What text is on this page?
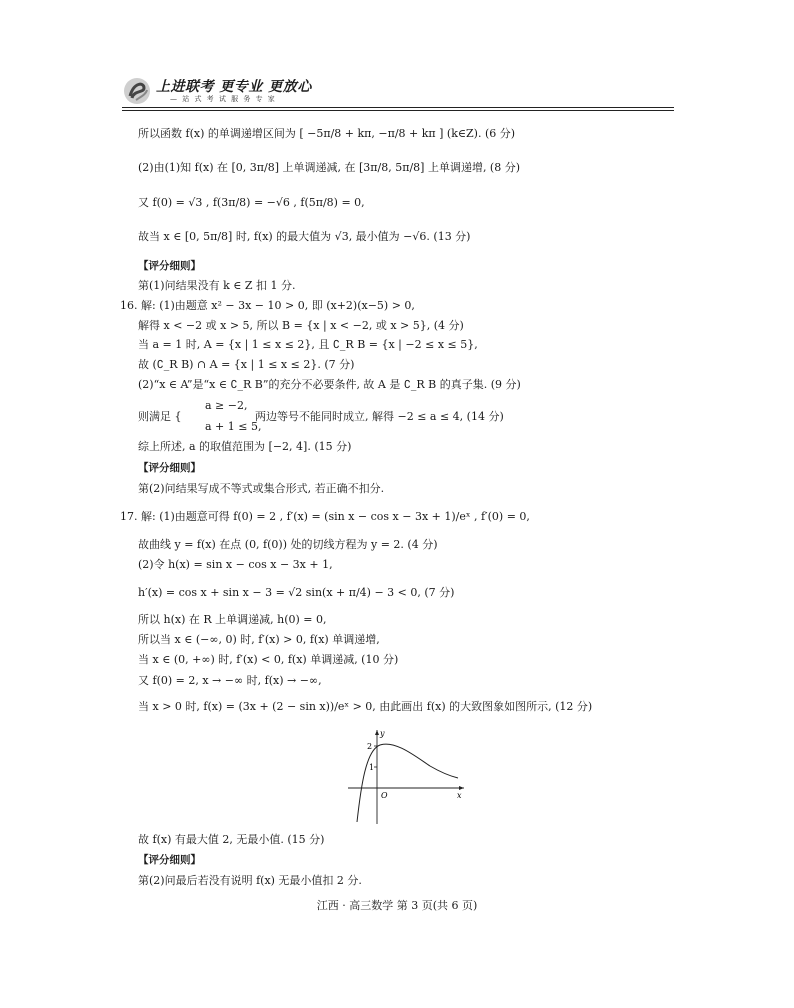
上进联考 更专业 更放心
— 站 式 考 试 服 务 专 家
所以函数 f(x) 的单调递增区间为 [ −5π/8 + kπ, −π/8 + kπ ] (k∈Z). (6 分)
(2)由(1)知 f(x) 在 [0, 3π/8] 上单调递减, 在 [3π/8, 5π/8] 上单调递增, (8 分)
又 f(0) = √3 , f(3π/8) = −√6 , f(5π/8) = 0,
故当 x ∈ [0, 5π/8] 时, f(x) 的最大值为 √3, 最小值为 −√6. (13 分)
【评分细则】
第(1)问结果没有 k ∈ Z 扣 1 分.
16. 解: (1)由题意 x² − 3x − 10 > 0, 即 (x+2)(x−5) > 0,
解得 x < −2 或 x > 5, 所以 B = {x | x < −2, 或 x > 5}, (4 分)
当 a = 1 时, A = {x | 1 ≤ x ≤ 2}, 且 ∁_R B = {x | −2 ≤ x ≤ 5},
故 (∁_R B) ∩ A = {x | 1 ≤ x ≤ 2}. (7 分)
(2)“x ∈ A”是“x ∈ ∁_R B”的充分不必要条件, 故 A 是 ∁_R B 的真子集. (9 分)
则满足 {
a ≥ −2,
a + 1 ≤ 5,
两边等号不能同时成立, 解得 −2 ≤ a ≤ 4, (14 分)
综上所述, a 的取值范围为 [−2, 4]. (15 分)
【评分细则】
第(2)问结果写成不等式或集合形式, 若正确不扣分.
17. 解: (1)由题意可得 f(0) = 2 , f′(x) = (sin x − cos x − 3x + 1)/eˣ , f′(0) = 0,
故曲线 y = f(x) 在点 (0, f(0)) 处的切线方程为 y = 2. (4 分)
(2)令 h(x) = sin x − cos x − 3x + 1,
h′(x) = cos x + sin x − 3 = √2 sin(x + π/4) − 3 < 0, (7 分)
所以 h(x) 在 R 上单调递减, h(0) = 0,
所以当 x ∈ (−∞, 0) 时, f′(x) > 0, f(x) 单调递增,
当 x ∈ (0, +∞) 时, f′(x) < 0, f(x) 单调递减, (10 分)
又 f(0) = 2, x → −∞ 时, f(x) → −∞,
当 x > 0 时, f(x) = (3x + (2 − sin x))/eˣ > 0, 由此画出 f(x) 的大致图象如图所示, (12 分)
y
x
O
2
1
故 f(x) 有最大值 2, 无最小值. (15 分)
【评分细则】
第(2)问最后若没有说明 f(x) 无最小值扣 2 分.
江西 · 高三数学 第 3 页(共 6 页)
